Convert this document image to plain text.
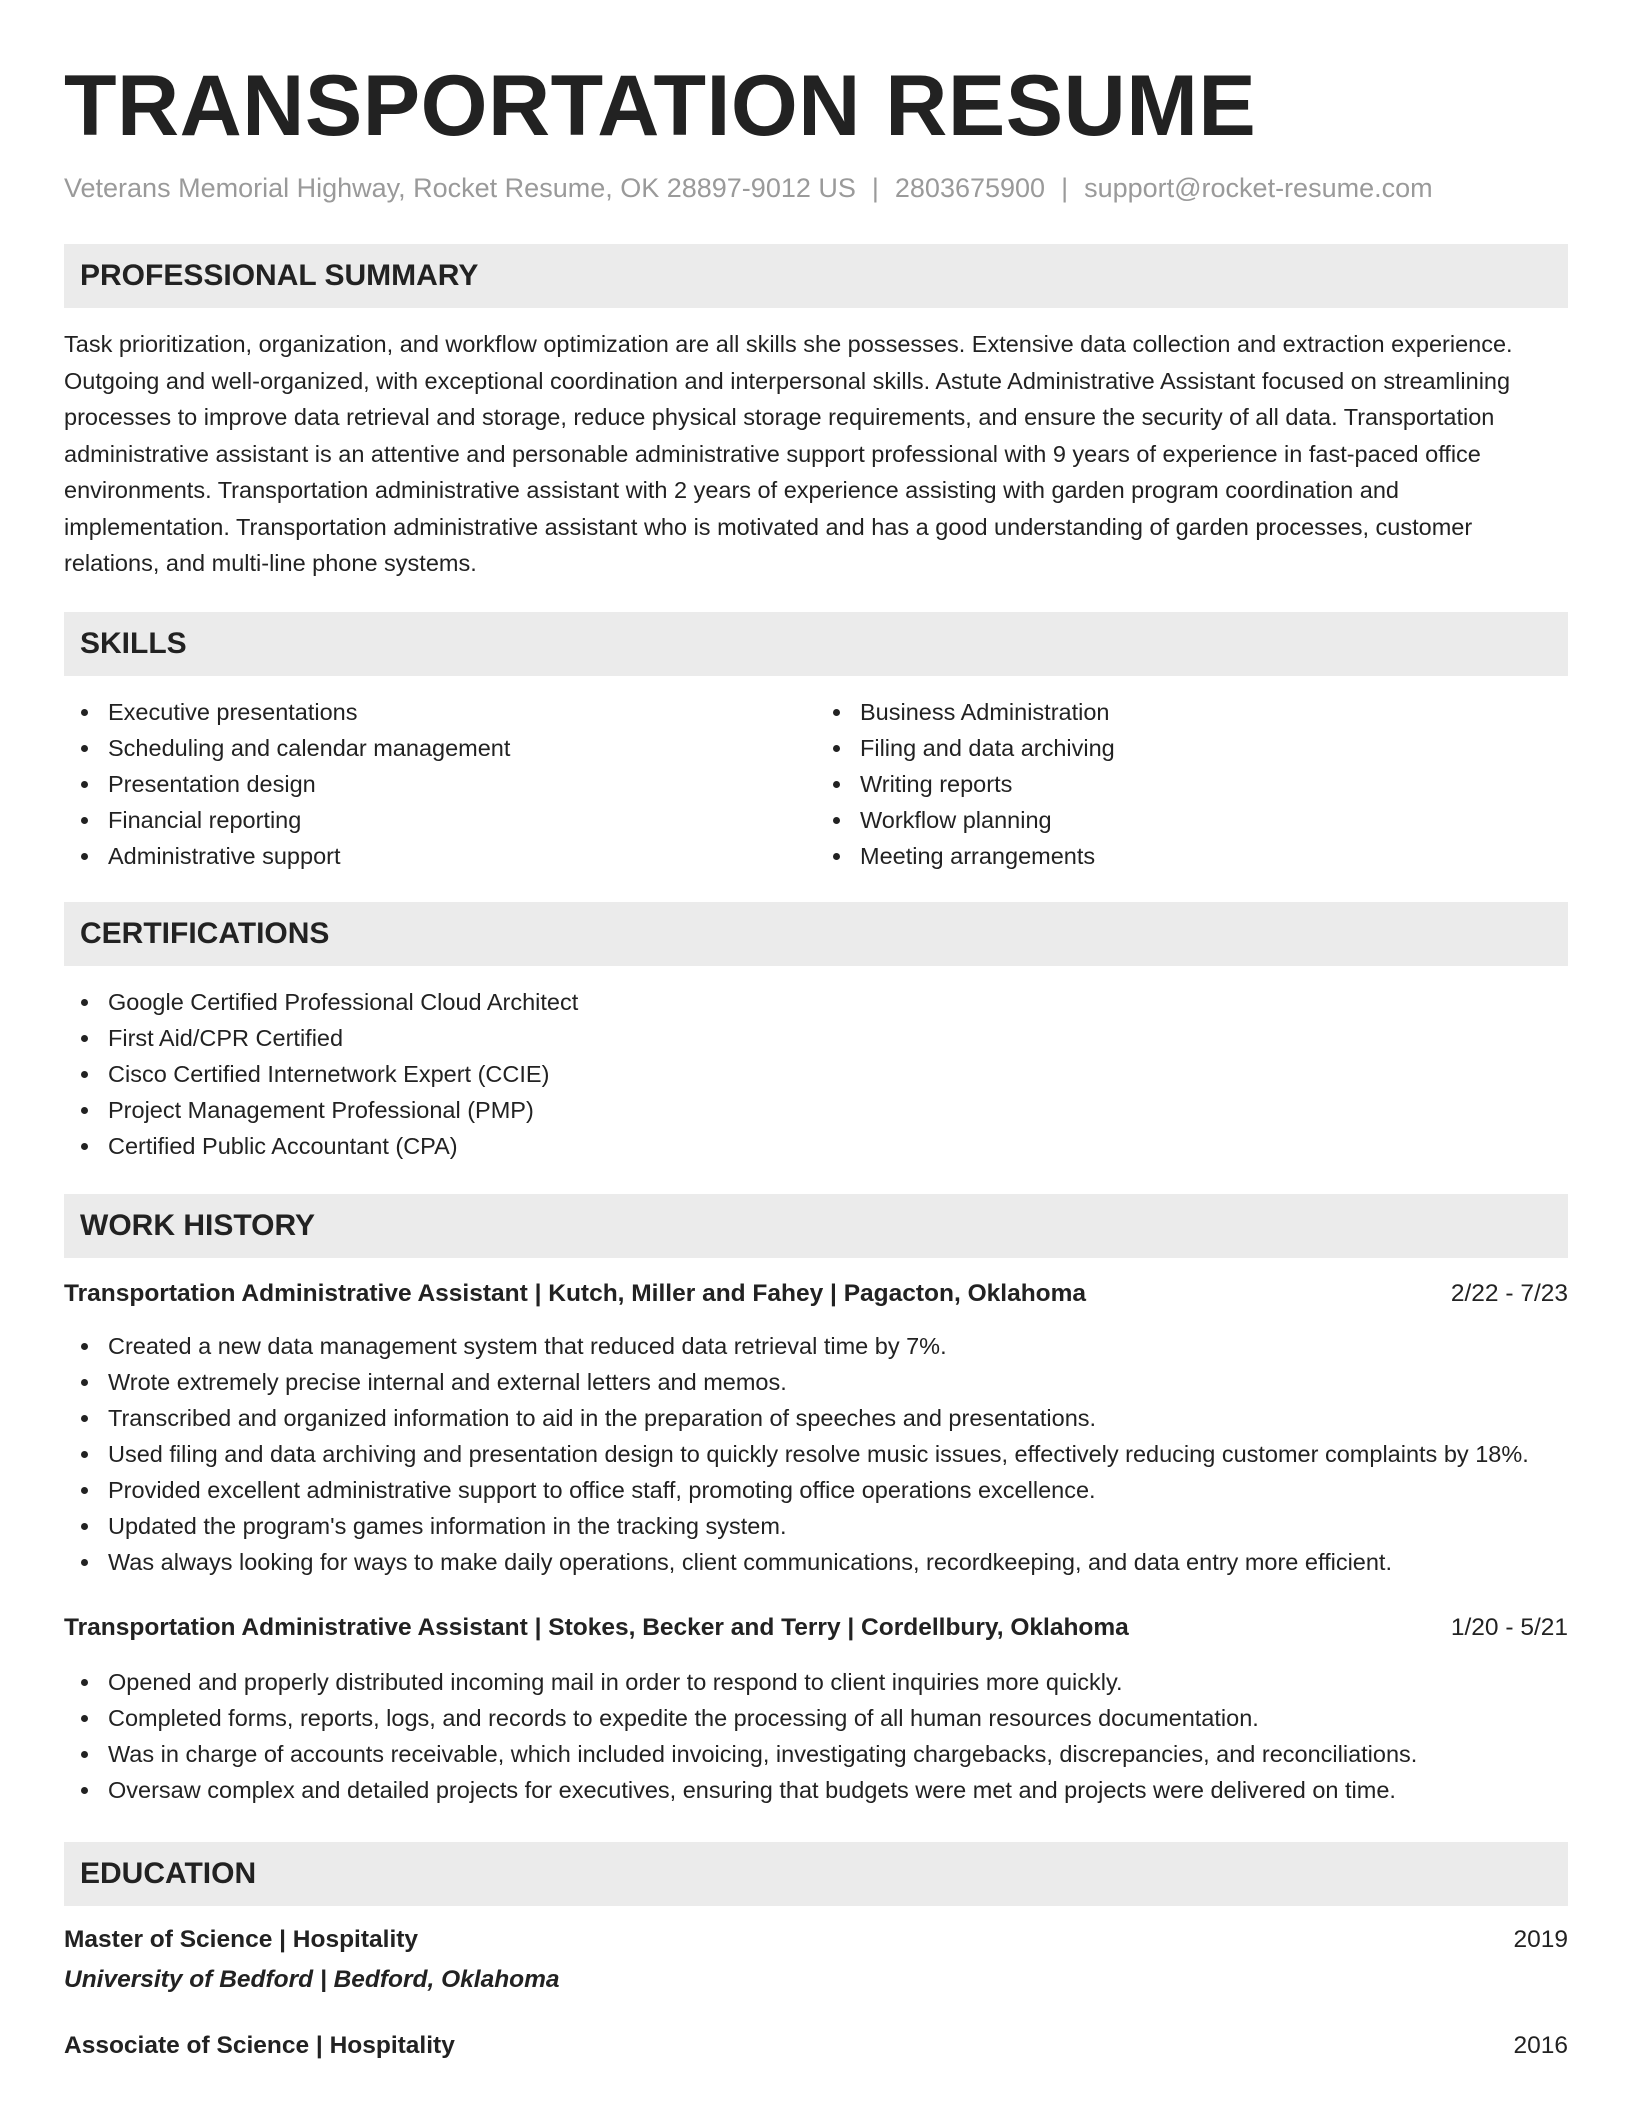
TRANSPORTATION RESUME
Veterans Memorial Highway, Rocket Resume, OK 28897-9012 US | 2803675900 | support@rocket-resume.com
PROFESSIONAL SUMMARY

Task prioritization, organization, and workflow optimization are all skills she possesses. Extensive data collection and extraction experience. Outgoing and well-organized, with exceptional coordination and interpersonal skills. Astute Administrative Assistant focused on streamlining processes to improve data retrieval and storage, reduce physical storage requirements, and ensure the security of all data. Transportation administrative assistant is an attentive and personable administrative support professional with 9 years of experience in fast-paced office environments. Transportation administrative assistant with 2 years of experience assisting with garden program coordination and implementation. Transportation administrative assistant who is motivated and has a good understanding of garden processes, customer relations, and multi-line phone systems.

SKILLS
Executive presentations
Scheduling and calendar management
Presentation design
Financial reporting
Administrative support
Business Administration
Filing and data archiving
Writing reports
Workflow planning
Meeting arrangements
CERTIFICATIONS
Google Certified Professional Cloud Architect
First Aid/CPR Certified
Cisco Certified Internetwork Expert (CCIE)
Project Management Professional (PMP)
Certified Public Accountant (CPA)
WORK HISTORY
Transportation Administrative Assistant | Kutch, Miller and Fahey | Pagacton, Oklahoma	2/22 - 7/23
Created a new data management system that reduced data retrieval time by 7%.
Wrote extremely precise internal and external letters and memos.
Transcribed and organized information to aid in the preparation of speeches and presentations.
Used filing and data archiving and presentation design to quickly resolve music issues, effectively reducing customer complaints by 18%.
Provided excellent administrative support to office staff, promoting office operations excellence.
Updated the program's games information in the tracking system.
Was always looking for ways to make daily operations, client communications, recordkeeping, and data entry more efficient.
Transportation Administrative Assistant | Stokes, Becker and Terry | Cordellbury, Oklahoma	1/20 - 5/21
Opened and properly distributed incoming mail in order to respond to client inquiries more quickly.
Completed forms, reports, logs, and records to expedite the processing of all human resources documentation.
Was in charge of accounts receivable, which included invoicing, investigating chargebacks, discrepancies, and reconciliations.
Oversaw complex and detailed projects for executives, ensuring that budgets were met and projects were delivered on time.
EDUCATION
Master of Science | Hospitality	2019
University of Bedford | Bedford, Oklahoma
Associate of Science | Hospitality	2016
